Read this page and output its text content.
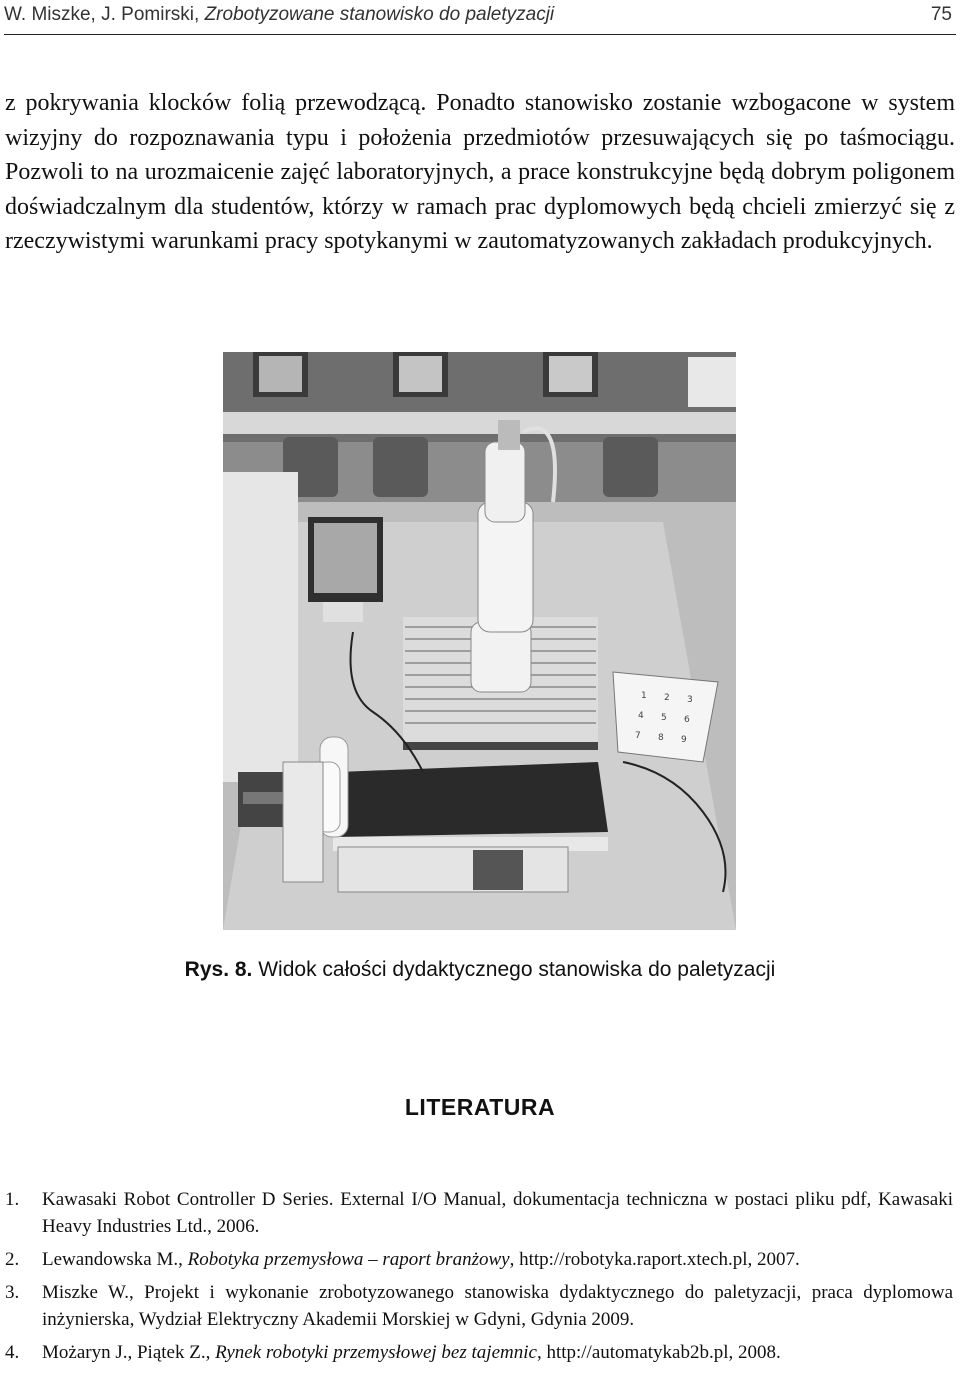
W. Miszke, J. Pomirski, Zrobotyzowane stanowisko do paletyzacji	75

z pokrywania klocków folią przewodzącą. Ponadto stanowisko zostanie wzbogacone w system wizyjny do rozpoznawania typu i położenia przedmiotów przesuwających się po taśmociągu. Pozwoli to na urozmaicenie zajęć laboratoryjnych, a prace konstrukcyjne będą dobrym poligonem doświadczalnym dla studentów, którzy w ramach prac dyplomowych będą chcieli zmierzyć się z rzeczywistymi warunkami pracy spotykanymi w zautomatyzowanych zakładach produkcyjnych.

1 2 3
4 5 6
7 8 9
Rys. 8. Widok całości dydaktycznego stanowiska do paletyzacji
LITERATURA
1. Kawasaki Robot Controller D Series. External I/O Manual, dokumentacja techniczna w postaci pliku pdf, Kawasaki Heavy Industries Ltd., 2006.
2. Lewandowska M., Robotyka przemysłowa – raport branżowy, http://robotyka.raport.xtech.pl, 2007.
3. Miszke W., Projekt i wykonanie zrobotyzowanego stanowiska dydaktycznego do paletyzacji, praca dyplomowa inżynierska, Wydział Elektryczny Akademii Morskiej w Gdyni, Gdynia 2009.
4. Możaryn J., Piątek Z., Rynek robotyki przemysłowej bez tajemnic, http://automatykab2b.pl, 2008.
